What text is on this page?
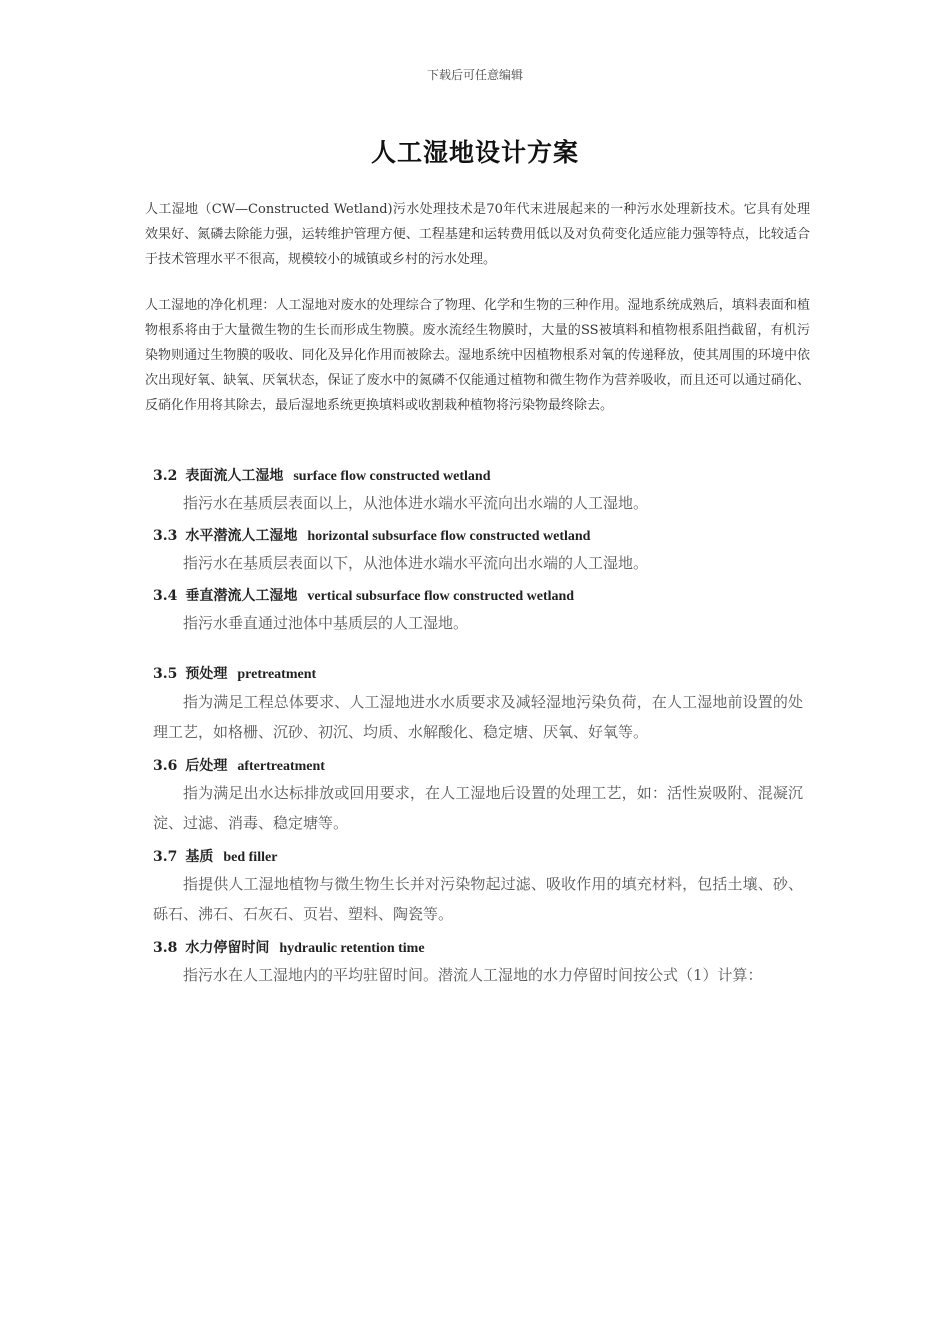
下载后可任意编辑
人工湿地设计方案
人工湿地（CW—Constructed Wetland)污水处理技术是70年代末进展起来的一种污水处理新技术。它具有处理效果好、氮磷去除能力强，运转维护管理方便、工程基建和运转费用低以及对负荷变化适应能力强等特点，比较适合于技术管理水平不很高，规模较小的城镇或乡村的污水处理。
人工湿地的净化机理：人工湿地对废水的处理综合了物理、化学和生物的三种作用。湿地系统成熟后，填料表面和植物根系将由于大量微生物的生长而形成生物膜。废水流经生物膜时，大量的SS被填料和植物根系阻挡截留，有机污染物则通过生物膜的吸收、同化及异化作用而被除去。湿地系统中因植物根系对氧的传递释放，使其周围的环境中依次出现好氧、缺氧、厌氧状态，保证了废水中的氮磷不仅能通过植物和微生物作为营养吸收，而且还可以通过硝化、反硝化作用将其除去，最后湿地系统更换填料或收割栽种植物将污染物最终除去。
3.2 表面流人工湿地 surface flow constructed wetland
指污水在基质层表面以上，从池体进水端水平流向出水端的人工湿地。
3.3 水平潜流人工湿地 horizontal subsurface flow constructed wetland
指污水在基质层表面以下，从池体进水端水平流向出水端的人工湿地。
3.4 垂直潜流人工湿地 vertical subsurface flow constructed wetland
指污水垂直通过池体中基质层的人工湿地。
3.5 预处理 pretreatment
指为满足工程总体要求、人工湿地进水水质要求及减轻湿地污染负荷，在人工湿地前设置的处理工艺，如格栅、沉砂、初沉、均质、水解酸化、稳定塘、厌氧、好氧等。
3.6 后处理 aftertreatment
指为满足出水达标排放或回用要求，在人工湿地后设置的处理工艺，如：活性炭吸附、混凝沉淀、过滤、消毒、稳定塘等。
3.7 基质 bed filler
指提供人工湿地植物与微生物生长并对污染物起过滤、吸收作用的填充材料，包括土壤、砂、砾石、沸石、石灰石、页岩、塑料、陶瓷等。
3.8 水力停留时间 hydraulic retention time
指污水在人工湿地内的平均驻留时间。潜流人工湿地的水力停留时间按公式（1）计算：
